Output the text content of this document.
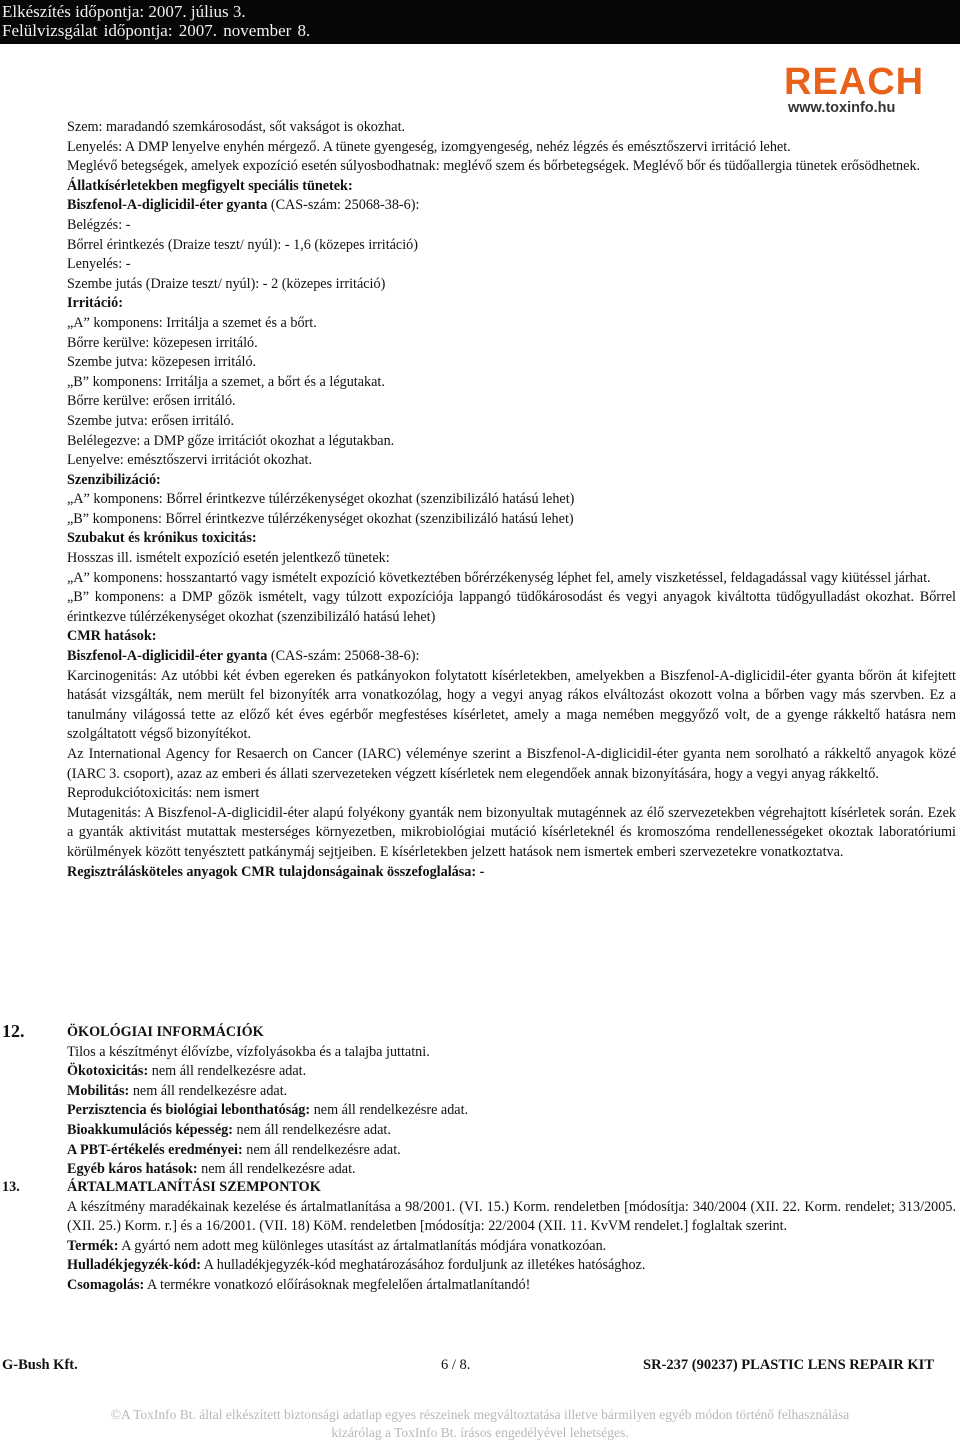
Elkészítés időpontja: 2007. július 3.
Felülvizsgálat időpontja: 2007. november 8.
REACH
www.toxinfo.hu

Szem: maradandó szemkárosodást, sőt vakságot is okozhat.

Lenyelés: A DMP lenyelve enyhén mérgező. A tünete gyengeség, izomgyengeség, nehéz légzés és emésztőszervi irritáció lehet.

Meglévő betegségek, amelyek expozíció esetén súlyosbodhatnak: meglévő szem és bőrbetegségek. Meglévő bőr és tüdőallergia tünetek erősödhetnek.

Állatkísérletekben megfigyelt speciális tünetek:

Biszfenol-A-diglicidil-éter gyanta (CAS-szám: 25068-38-6):

Belégzés: -

Bőrrel érintkezés (Draize teszt/ nyúl): - 1,6 (közepes irritáció)

Lenyelés: -

Szembe jutás (Draize teszt/ nyúl): - 2 (közepes irritáció)

Irritáció:

„A” komponens: Irritálja a szemet és a bőrt.

Bőrre kerülve: közepesen irritáló.

Szembe jutva: közepesen irritáló.

„B” komponens: Irritálja a szemet, a bőrt és a légutakat.

Bőrre kerülve: erősen irritáló.

Szembe jutva: erősen irritáló.

Belélegezve: a DMP gőze irritációt okozhat a légutakban.

Lenyelve: emésztőszervi irritációt okozhat.

Szenzibilizáció:

„A” komponens: Bőrrel érintkezve túlérzékenységet okozhat (szenzibilizáló hatású lehet)

„B” komponens: Bőrrel érintkezve túlérzékenységet okozhat (szenzibilizáló hatású lehet)

Szubakut és krónikus toxicitás:

Hosszas ill. ismételt expozíció esetén jelentkező tünetek:

„A” komponens: hosszantartó vagy ismételt expozíció következtében bőrérzékenység léphet fel, amely viszketéssel, feldagadással vagy kiütéssel járhat.

„B” komponens: a DMP gőzök ismételt, vagy túlzott expozíciója lappangó tüdőkárosodást és vegyi anyagok kiváltotta tüdőgyulladást okozhat. Bőrrel érintkezve túlérzékenységet okozhat (szenzibilizáló hatású lehet)

CMR hatások:

Biszfenol-A-diglicidil-éter gyanta (CAS-szám: 25068-38-6):

Karcinogenitás: Az utóbbi két évben egereken és patkányokon folytatott kísérletekben, amelyekben a Biszfenol-A-diglicidil-éter gyanta bőrön át kifejtett hatását vizsgálták, nem merült fel bizonyíték arra vonatkozólag, hogy a vegyi anyag rákos elváltozást okozott volna a bőrben vagy más szervben. Ez a tanulmány világossá tette az előző két éves egérbőr megfestéses kísérletet, amely a maga nemében meggyőző volt, de a gyenge rákkeltő hatásra nem szolgáltatott végső bizonyítékot.

Az International Agency for Resaerch on Cancer (IARC) véleménye szerint a Biszfenol-A-diglicidil-éter gyanta nem sorolható a rákkeltő anyagok közé (IARC 3. csoport), azaz az emberi és állati szervezeteken végzett kísérletek nem elegendőek annak bizonyítására, hogy a vegyi anyag rákkeltő.

Reprodukciótoxicitás: nem ismert

Mutagenitás: A Biszfenol-A-diglicidil-éter alapú folyékony gyanták nem bizonyultak mutagénnek az élő szervezetekben végrehajtott kísérletek során. Ezek a gyanták aktivitást mutattak mesterséges környezetben, mikrobiológiai mutáció kísérleteknél és kromoszóma rendellenességeket okoztak laboratóriumi körülmények között tenyésztett patkánymáj sejtjeiben. E kísérletekben jelzett hatások nem ismertek emberi szervezetekre vonatkoztatva.

Regisztrálásköteles anyagok CMR tulajdonságainak összefoglalása: -

12.	ÖKOLÓGIAI INFORMÁCIÓK

Tilos a készítményt élővízbe, vízfolyásokba és a talajba juttatni.

Ökotoxicitás: nem áll rendelkezésre adat.

Mobilitás: nem áll rendelkezésre adat.

Perzisztencia és biológiai lebonthatóság: nem áll rendelkezésre adat.

Bioakkumulációs képesség: nem áll rendelkezésre adat.

A PBT-értékelés eredményei: nem áll rendelkezésre adat.

Egyéb káros hatások: nem áll rendelkezésre adat.

13.	ÁRTALMATLANÍTÁSI SZEMPONTOK

A készítmény maradékainak kezelése és ártalmatlanítása a 98/2001. (VI. 15.) Korm. rendeletben [módosítja: 340/2004 (XII. 22. Korm. rendelet; 313/2005. (XII. 25.) Korm. r.] és a 16/2001. (VII. 18) KöM. rendeletben [módosítja: 22/2004 (XII. 11. KvVM rendelet.] foglaltak szerint.

Termék: A gyártó nem adott meg különleges utasítást az ártalmatlanítás módjára vonatkozóan.

Hulladékjegyzék-kód: A hulladékjegyzék-kód meghatározásához forduljunk az illetékes hatósághoz.

Csomagolás: A termékre vonatkozó előírásoknak megfelelően ártalmatlanítandó!

G-Bush Kft.	6 / 8.	SR-237 (90237) PLASTIC LENS REPAIR KIT
©A ToxInfo Bt. által elkészített biztonsági adatlap egyes részeinek megváltoztatása illetve bármilyen egyéb módon történő felhasználása
kizárólag a ToxInfo Bt. írásos engedélyével lehetséges.
